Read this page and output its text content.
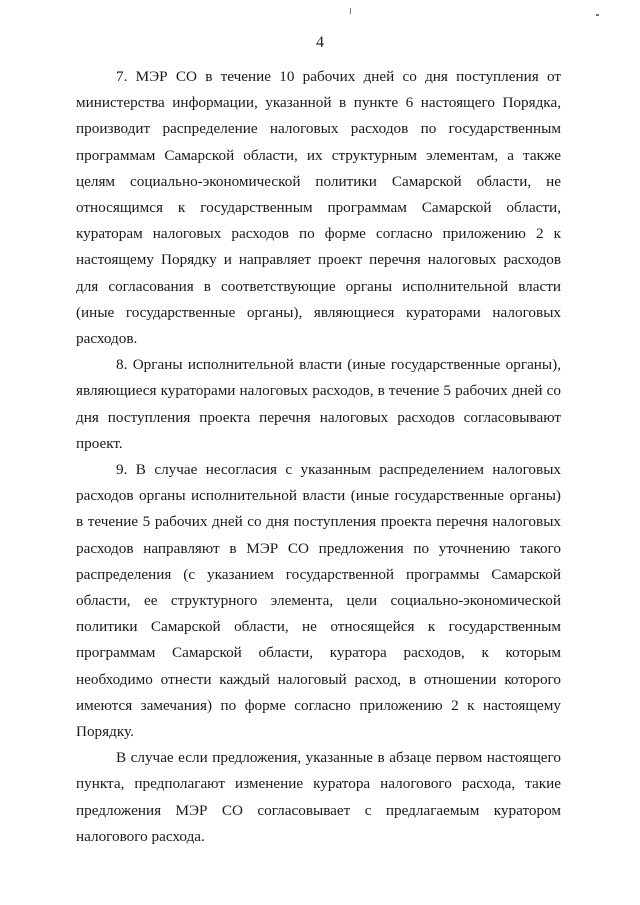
4

7. МЭР СО в течение 10 рабочих дней со дня поступления от министерства информации, указанной в пункте 6 настоящего Порядка, производит распределение налоговых расходов по государственным программам Самарской области, их структурным элементам, а также целям социально-экономической политики Самарской области, не относящимся к государственным программам Самарской области, кураторам налоговых расходов по форме согласно приложению 2 к настоящему Порядку и направляет проект перечня налоговых расходов для согласования в соответствующие органы исполнительной власти (иные государственные органы), являющиеся кураторами налоговых расходов.

8. Органы исполнительной власти (иные государственные органы), являющиеся кураторами налоговых расходов, в течение 5 рабочих дней со дня поступления проекта перечня налоговых расходов согласовывают проект.

9. В случае несогласия с указанным распределением налоговых расходов органы исполнительной власти (иные государственные органы) в течение 5 рабочих дней со дня поступления проекта перечня налоговых расходов направляют в МЭР СО предложения по уточнению такого распределения (с указанием государственной программы Самарской области, ее структурного элемента, цели социально-экономической политики Самарской области, не относящейся к государственным программам Самарской области, куратора расходов, к которым необходимо отнести каждый налоговый расход, в отношении которого имеются замечания) по форме согласно приложению 2 к настоящему Порядку.

В случае если предложения, указанные в абзаце первом настоящего пункта, предполагают изменение куратора налогового расхода, такие предложения МЭР СО согласовывает с предлагаемым куратором налогового расхода.
